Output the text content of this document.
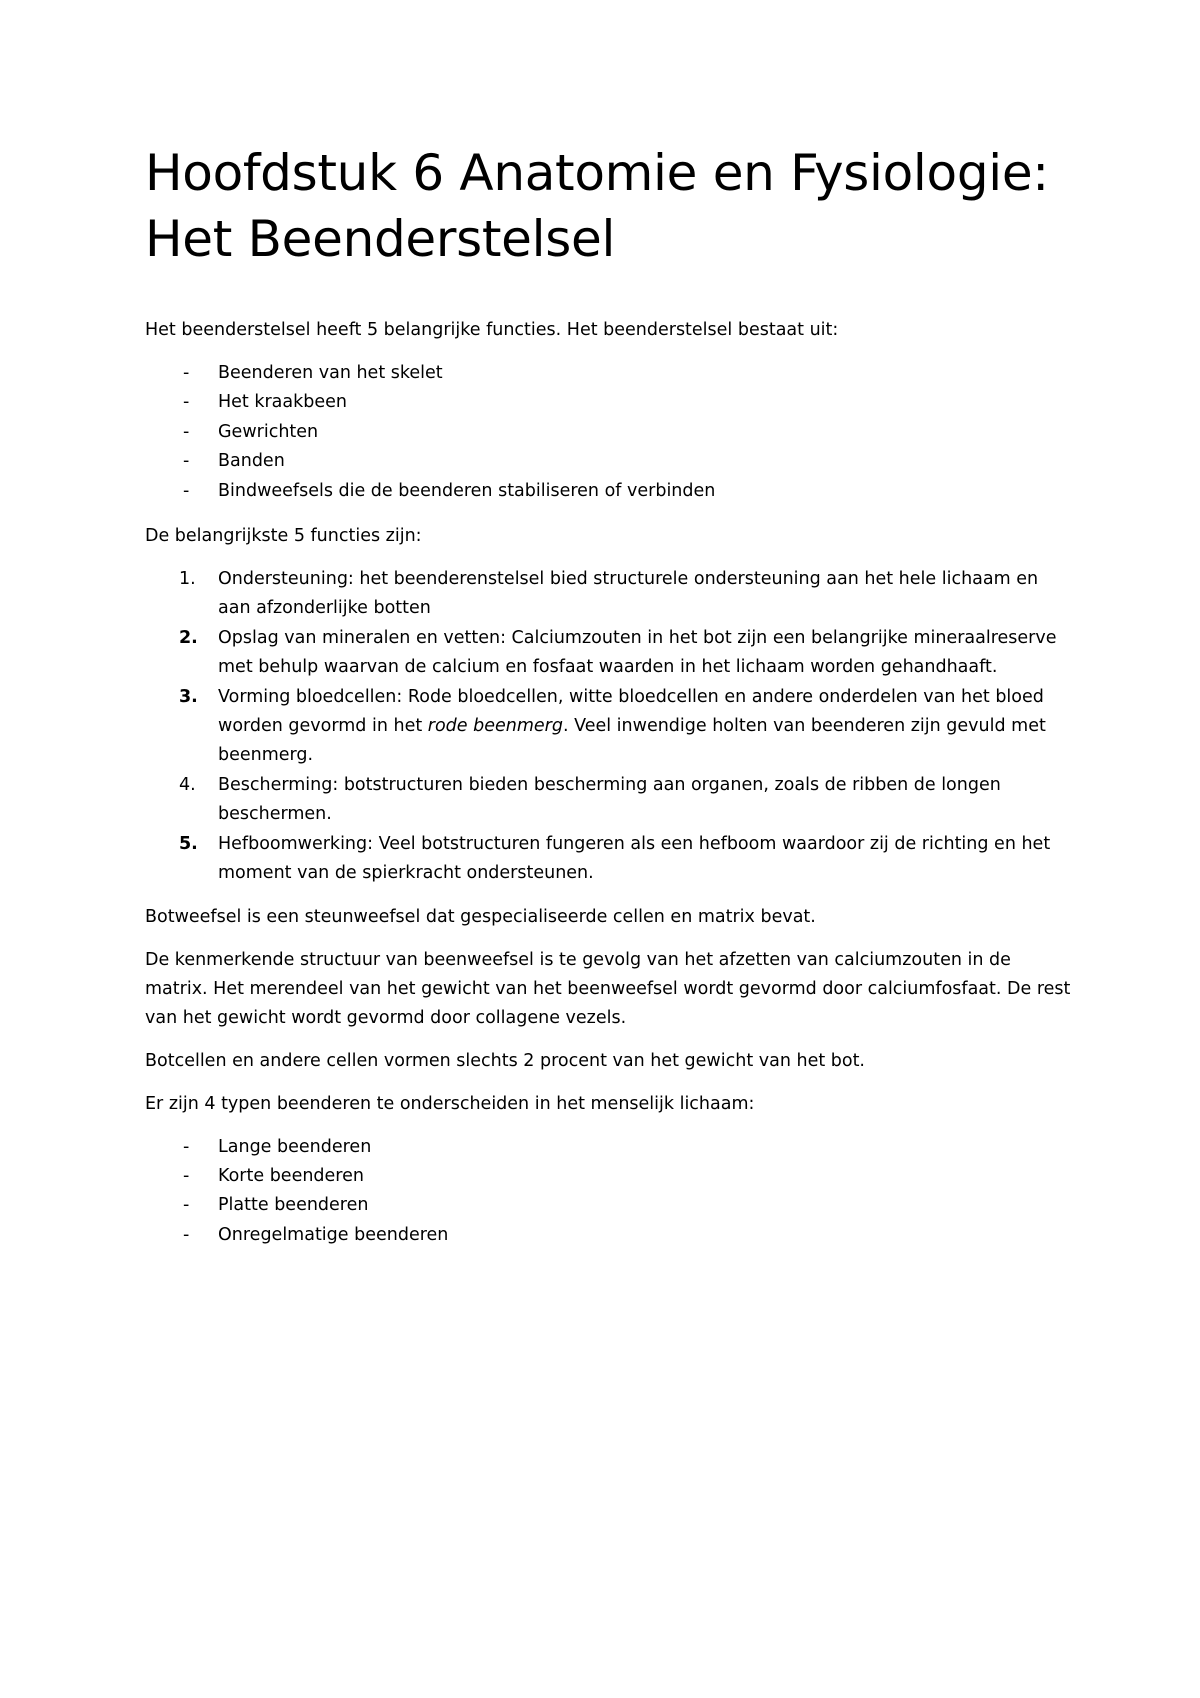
Hoofdstuk 6 Anatomie en Fysiologie: Het Beenderstelsel

Het beenderstelsel heeft 5 belangrijke functies. Het beenderstelsel bestaat uit:

- Beenderen van het skelet
- Het kraakbeen
- Gewrichten
- Banden
- Bindweefsels die de beenderen stabiliseren of verbinden

De belangrijkste 5 functies zijn:

1. Ondersteuning: het beenderenstelsel bied structurele ondersteuning aan het hele lichaam en aan afzonderlijke botten
2. Opslag van mineralen en vetten: Calciumzouten in het bot zijn een belangrijke mineraalreserve met behulp waarvan de calcium en fosfaat waarden in het lichaam worden gehandhaaft.
3. Vorming bloedcellen: Rode bloedcellen, witte bloedcellen en andere onderdelen van het bloed worden gevormd in het rode beenmerg. Veel inwendige holten van beenderen zijn gevuld met beenmerg.
4. Bescherming: botstructuren bieden bescherming aan organen, zoals de ribben de longen beschermen.
5. Hefboomwerking: Veel botstructuren fungeren als een hefboom waardoor zij de richting en het moment van de spierkracht ondersteunen.

Botweefsel is een steunweefsel dat gespecialiseerde cellen en matrix bevat.

De kenmerkende structuur van beenweefsel is te gevolg van het afzetten van calciumzouten in de matrix. Het merendeel van het gewicht van het beenweefsel wordt gevormd door calciumfosfaat. De rest van het gewicht wordt gevormd door collagene vezels.

Botcellen en andere cellen vormen slechts 2 procent van het gewicht van het bot.

Er zijn 4 typen beenderen te onderscheiden in het menselijk lichaam:

- Lange beenderen
- Korte beenderen
- Platte beenderen
- Onregelmatige beenderen
